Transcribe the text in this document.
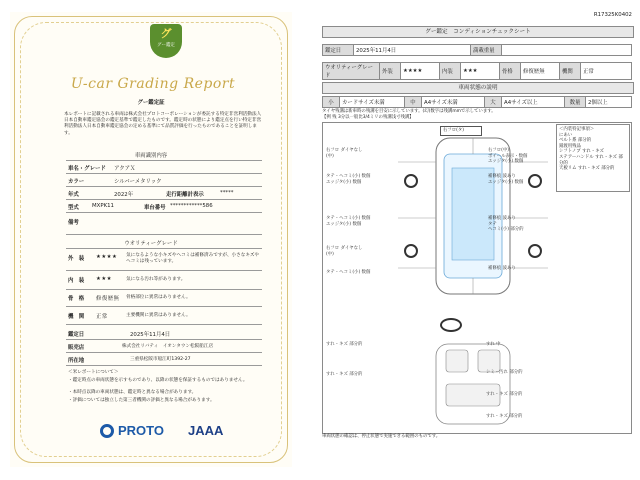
グ
グー鑑定
U-car Grading Report
グー鑑定証
本レポートに記載される車両は株式会社プロトコーポレーションが委託する特定非営利活動法人日本自動車鑑定協会の鑑定基準で鑑定したものです。鑑定時の状態により鑑定点を行い特定非営利活動法人日本自動車鑑定協会の定める基準にて品質評価を行ったものであることを証明します。
車両識別内容
車名・グレード アクアＸ
カラー	シルバーメタリック
年式	2022年	走行距離計表示	*****
型式 MXPK11	車台番号 ************586
備考
ウオリティーグレード
外　装 ★★★★ 気になるような小キズやヘコミは補修済みですが、小さなキズやヘコミは残っています。
内　装 ★★★	気になる汚れ等があります。
骨　格 修復歴無 骨格部位に異常はありません。
機　関 正常	主要機関に異常はありません。
鑑定日	2025年11月4日
販売店	株式会社リバティ　イオンタウン松阪船江店
所在地	三重県松阪市船江町1392-27
＜米レポートについて＞
・鑑定時点の車両状態を示すものであり、以降の状態を保証するものではありません。
・本時点以降の車両状態は、鑑定時と異なる場合があります。
・評価については独立した第三者機関の評価と異なる場合があります。
PROTO JAAA
R17325K0402
グー鑑定　コンディションチェックシート
鑑定日	2025年11月4日	満載重量	
ウオリティーグレード	外装	★★★★	内装	★★★	骨格	修復歴無	機関	正常
車両状態の説明
小	カードサイズ未満	中	A4サイズ未満	大	A4サイズ以上	数量	2個以上
タイヤ残溝は新車時の残溝を目安に示しています。(幻)数字は残溝mmで示しています。
【例 残 3分以一般比3/4ミリの残溝浅寸残溝】
右フロ(タ)
右フロ ダイヤなし(中)
タテ・ヘコミ(小) 数個
エッジタ(小) 数個
右フロ ダイヤなし(中)
タテ・ヘコミ(小) 数個
タテ・ヘコミ(小) 数個
エッジタ(小) 数個
右フロ(中)
ボイール表示・数個
エッジタ(小) 数個
補修痕 波あり
エッジタ(小) 数個
補修痕 波あり
タテ
ヘコミ(小) 部分的
補修痕 波あり
＜内装特記事項＞
にあい
ベルト系 部分的
錆渡用残品
シフトノブ すれ・キズ
ステアーハンドル すれ・キズ 部分的
天板リム すれ・キズ 部分的
すれ・キズ 部分的
すれ・キズ 部分的
すれ 中
シミ・汚れ 部分的
すれ・キズ 部分的
すれ・キズ 部分的
車両状態の確認は、停止状態で実施できる範囲のものです。
